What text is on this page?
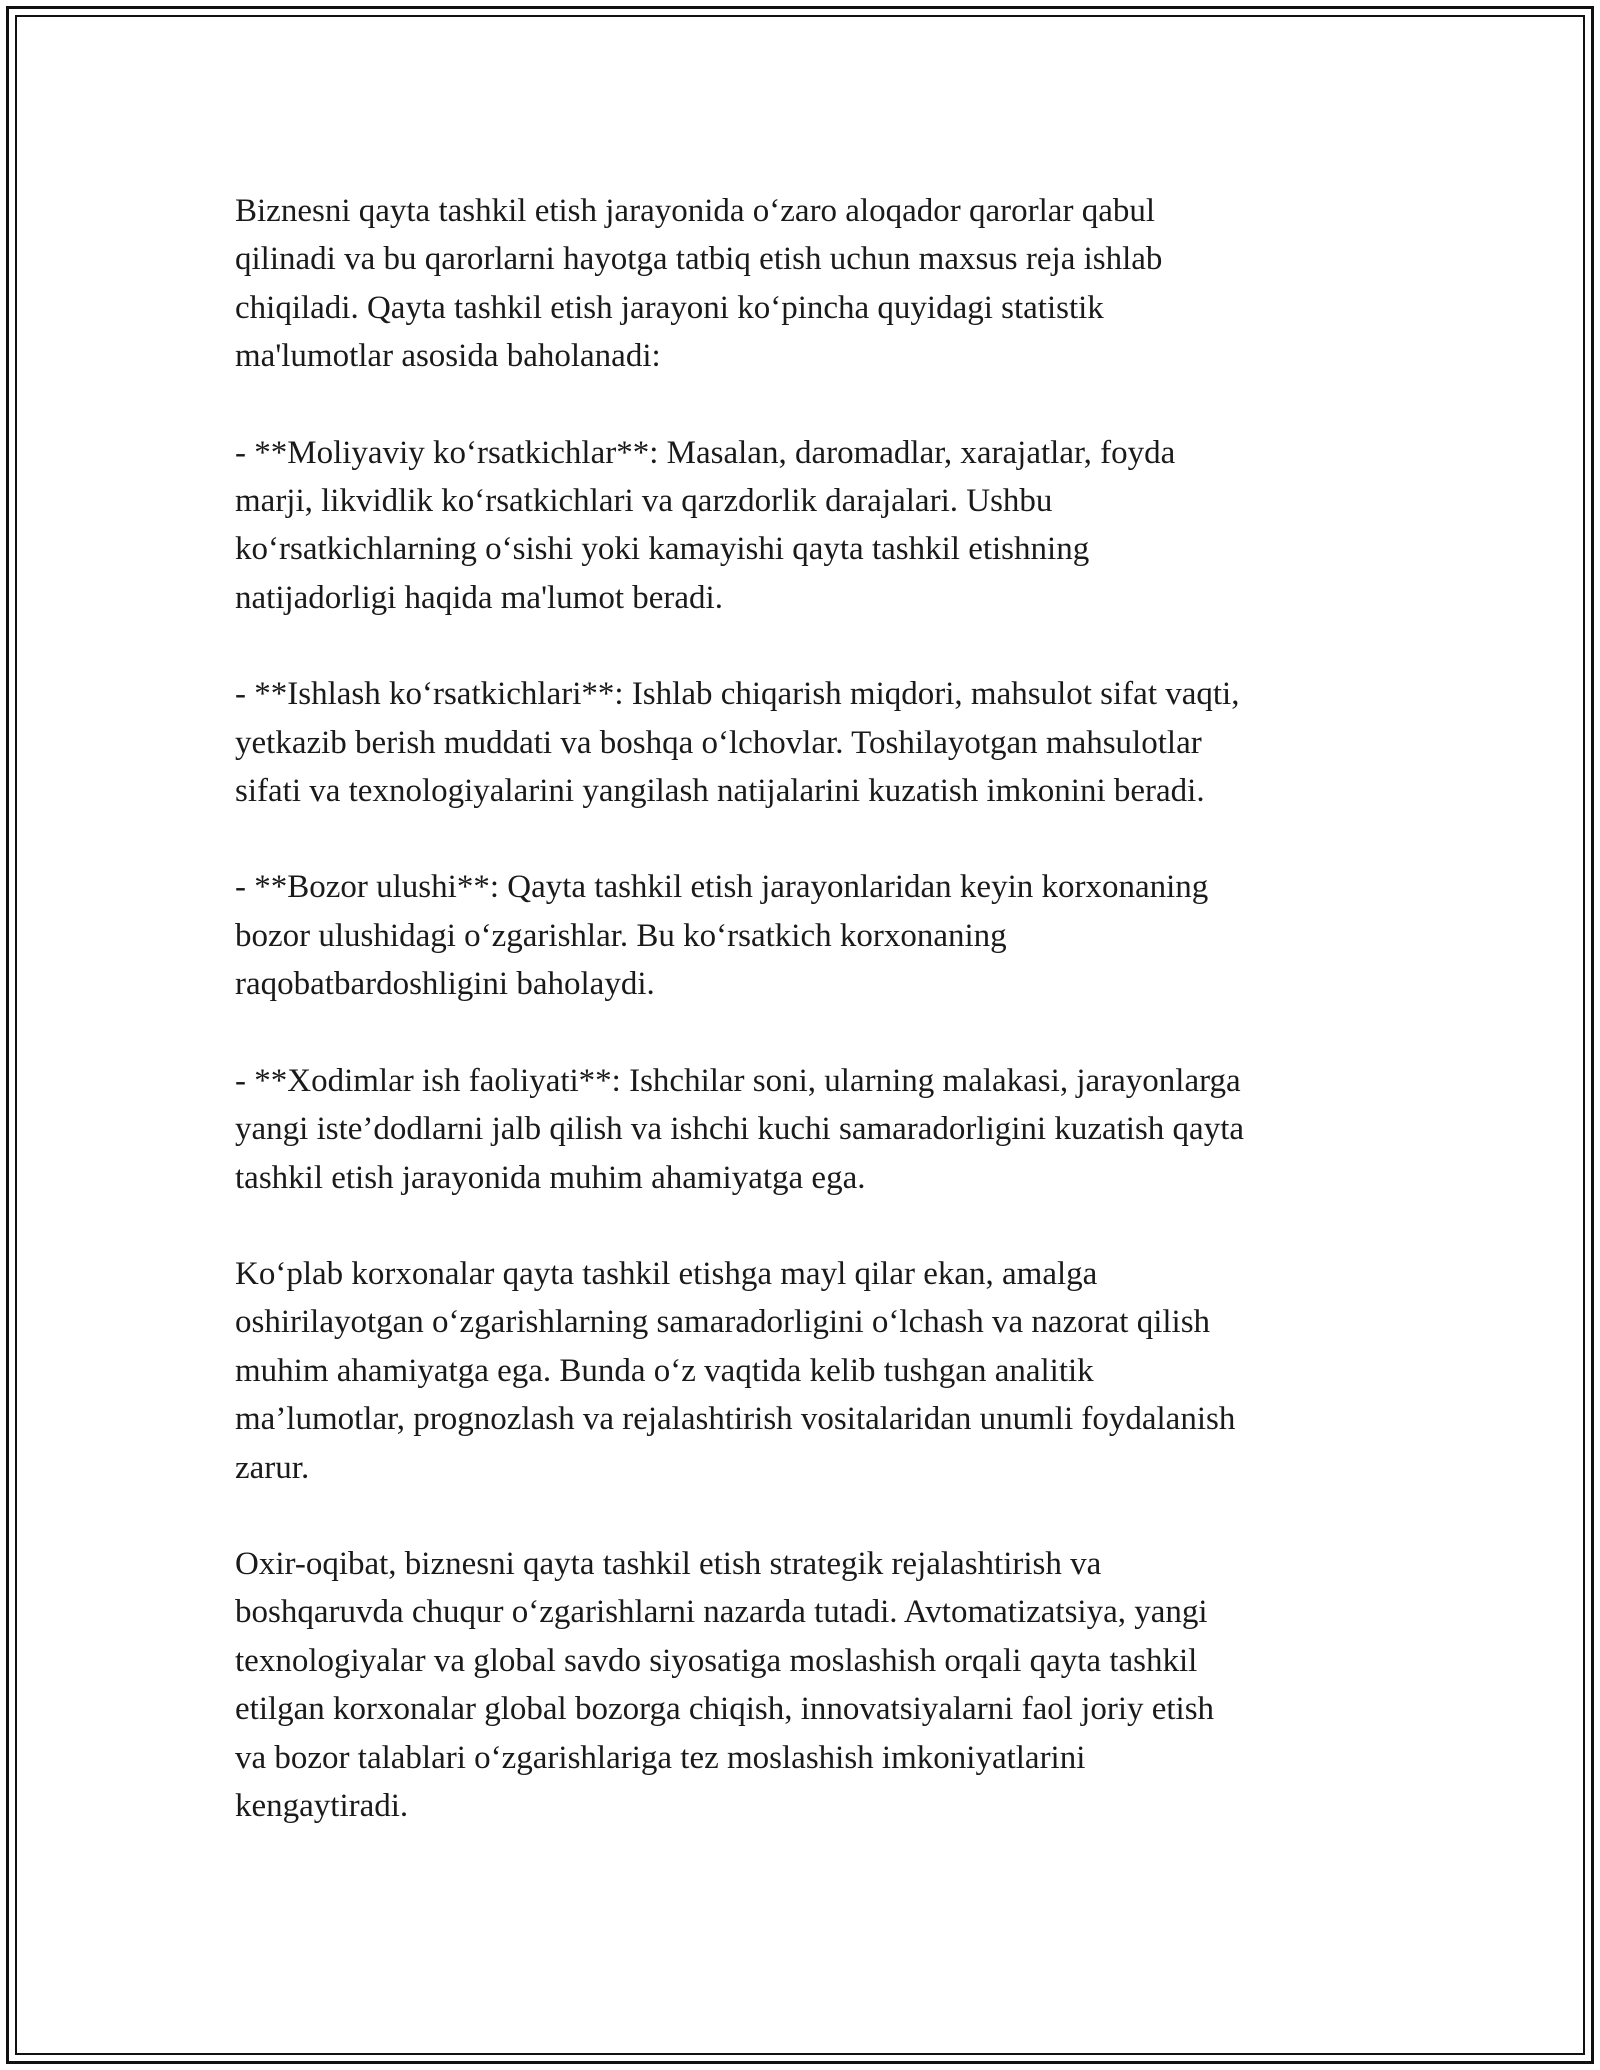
Biznesni qayta tashkil etish jarayonida o‘zaro aloqador qarorlar qabul
qilinadi va bu qarorlarni hayotga tatbiq etish uchun maxsus reja ishlab
chiqiladi. Qayta tashkil etish jarayoni ko‘pincha quyidagi statistik
ma'lumotlar asosida baholanadi:

- **Moliyaviy ko‘rsatkichlar**: Masalan, daromadlar, xarajatlar, foyda
marji, likvidlik ko‘rsatkichlari va qarzdorlik darajalari. Ushbu
ko‘rsatkichlarning o‘sishi yoki kamayishi qayta tashkil etishning
natijadorligi haqida ma'lumot beradi.

- **Ishlash ko‘rsatkichlari**: Ishlab chiqarish miqdori, mahsulot sifat vaqti,
yetkazib berish muddati va boshqa o‘lchovlar. Toshilayotgan mahsulotlar
sifati va texnologiyalarini yangilash natijalarini kuzatish imkonini beradi.

- **Bozor ulushi**: Qayta tashkil etish jarayonlaridan keyin korxonaning
bozor ulushidagi o‘zgarishlar. Bu ko‘rsatkich korxonaning
raqobatbardoshligini baholaydi.

- **Xodimlar ish faoliyati**: Ishchilar soni, ularning malakasi, jarayonlarga
yangi iste’dodlarni jalb qilish va ishchi kuchi samaradorligini kuzatish qayta
tashkil etish jarayonida muhim ahamiyatga ega.

Ko‘plab korxonalar qayta tashkil etishga mayl qilar ekan, amalga
oshirilayotgan o‘zgarishlarning samaradorligini o‘lchash va nazorat qilish
muhim ahamiyatga ega. Bunda o‘z vaqtida kelib tushgan analitik
ma’lumotlar, prognozlash va rejalashtirish vositalaridan unumli foydalanish
zarur.

Oxir-oqibat, biznesni qayta tashkil etish strategik rejalashtirish va
boshqaruvda chuqur o‘zgarishlarni nazarda tutadi. Avtomatizatsiya, yangi
texnologiyalar va global savdo siyosatiga moslashish orqali qayta tashkil
etilgan korxonalar global bozorga chiqish, innovatsiyalarni faol joriy etish
va bozor talablari o‘zgarishlariga tez moslashish imkoniyatlarini
kengaytiradi.
